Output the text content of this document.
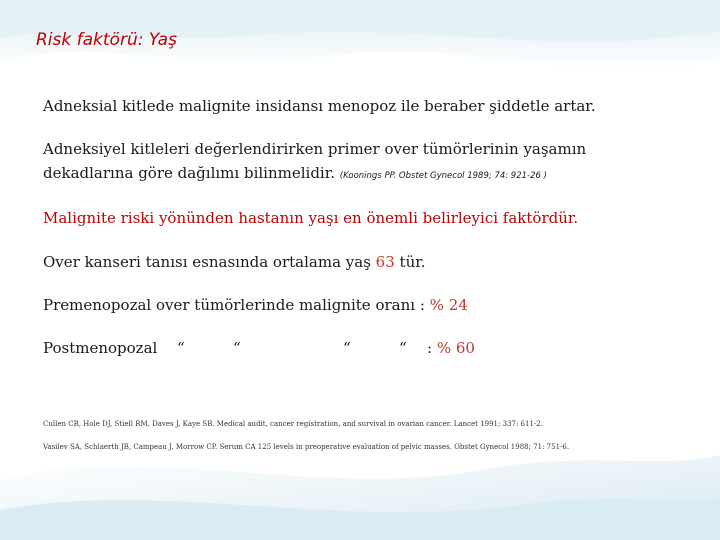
Risk faktörü: Yaş
Adneksial kitlede malignite insidansı menopoz ile beraber şiddetle artar.
Adneksiyel kitleleri değerlendirirken primer over tümörlerinin yaşamın
dekadlarına göre dağılımı bilinmelidir. (Koonings PP. Obstet Gynecol 1989; 74: 921-26 )
Malignite riski yönünden hastanın yaşı en önemli belirleyici faktördür.
Over kanseri tanısı esnasında ortalama yaş 63 tür.
Premenopozal over tümörlerinde malignite oranı : % 24
Postmenopozal “	“	“	“ : % 60
Cullen CB, Hole DJ, Stiell RM, Daves J, Kaye SB. Medical audit, cancer registration, and survival in ovarian cancer. Lancet 1991; 337: 611-2.
Vasilev SA, Schlaerth JB, Campeau J, Morrow CP. Serum CA 125 levels in preoperative evaluation of pelvic masses. Obstet Gynecol 1988; 71: 751-6.
